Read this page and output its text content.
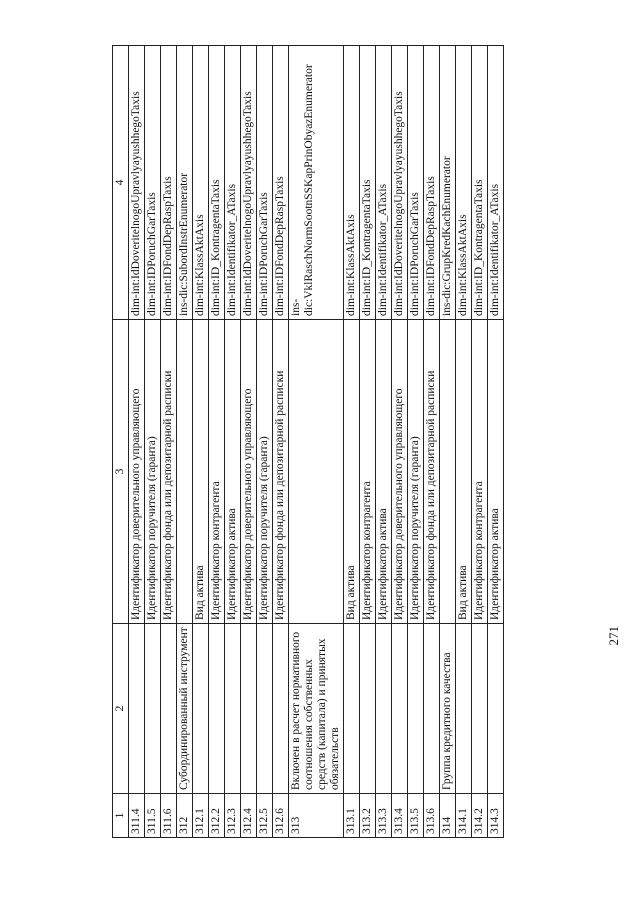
271
1	2	3	4
311.4		Идентификатор доверительного управляющего	dim-int:IdDoveritelnogoUpravlyayushhegoTaxis
311.5		Идентификатор поручителя (гаранта)	dim-int:IDPoruchGarTaxis
311.6		Идентификатор фонда или депозитарной расписки	dim-int:IDFondDepRaspTaxis
312	Субординированный инструмент		ins-dic:SubordInstrEnumerator
312.1		Вид актива	dim-int:KlassAktAxis
312.2		Идентификатор контрагента	dim-int:ID_KontragentaTaxis
312.3		Идентификатор актива	dim-int:Identifikator_ATaxis
312.4		Идентификатор доверительного управляющего	dim-int:IdDoveritelnogoUpravlyayushhegoTaxis
312.5		Идентификатор поручителя (гаранта)	dim-int:IDPoruchGarTaxis
312.6		Идентификатор фонда или депозитарной расписки	dim-int:IDFondDepRaspTaxis
313	Включен в расчет нормативного соотношения собственных средств (капитала) и принятых обязательств		ins-dic:VklRaschNormSootnSSKapPrinObyazEnumerator
313.1		Вид актива	dim-int:KlassAktAxis
313.2		Идентификатор контрагента	dim-int:ID_KontragentaTaxis
313.3		Идентификатор актива	dim-int:Identifikator_ATaxis
313.4		Идентификатор доверительного управляющего	dim-int:IdDoveritelnogoUpravlyayushhegoTaxis
313.5		Идентификатор поручителя (гаранта)	dim-int:IDPoruchGarTaxis
313.6		Идентификатор фонда или депозитарной расписки	dim-int:IDFondDepRaspTaxis
314	Группа кредитного качества		ins-dic:GrupKredKachEnumerator
314.1		Вид актива	dim-int:KlassAktAxis
314.2		Идентификатор контрагента	dim-int:ID_KontragentaTaxis
314.3		Идентификатор актива	dim-int:Identifikator_ATaxis
